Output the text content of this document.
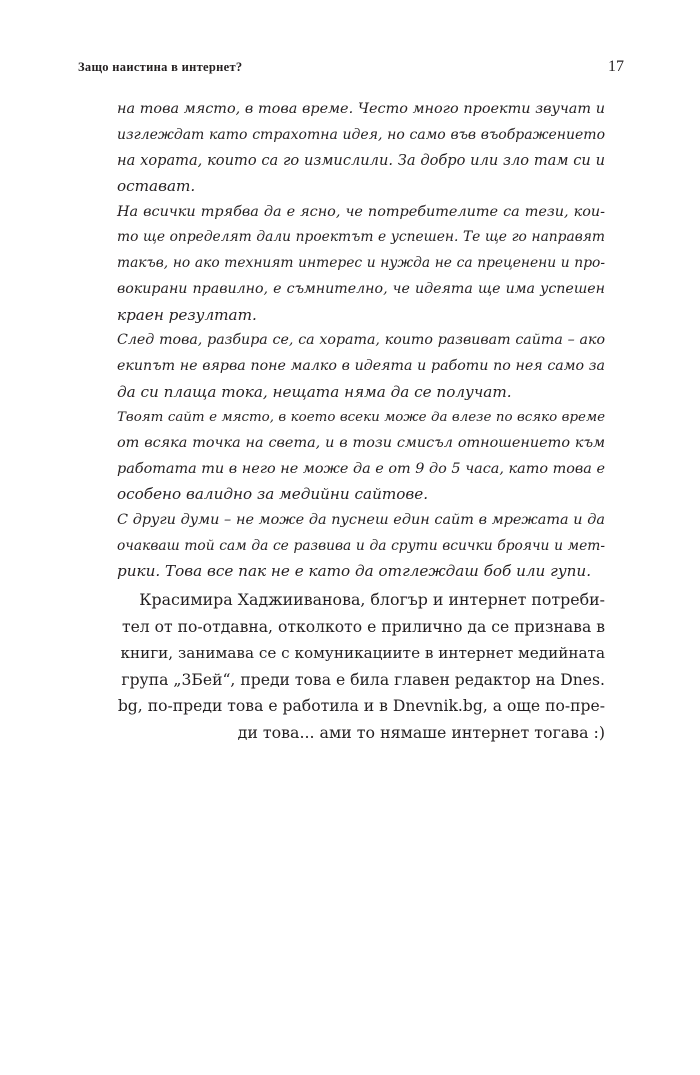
Защо наистина в интернет?	17
на това място, в това време. Често много проекти звучат и
изглеждат като страхотна идея, но само във въображението
на хората, които са го измислили. За добро или зло там си и
остават.
На всички трябва да е ясно, че потребителите са тези, кои-
то ще определят дали проектът е успешен. Те ще го направят
такъв, но ако техният интерес и нужда не са преценени и про-
вокирани правилно, е съмнително, че идеята ще има успешен
краен резултат.
След това, разбира се, са хората, които развиват сайта – ако
екипът не вярва поне малко в идеята и работи по нея само за
да си плаща тока, нещата няма да се получат.
Твоят сайт е място, в което всеки може да влезе по всяко време
от всяка точка на света, и в този смисъл отношението към
работата ти в него не може да е от 9 до 5 часа, като това е
особено валидно за медийни сайтове.
С други думи – не може да пуснеш един сайт в мрежата и да
очакваш той сам да се развива и да срути всички броячи и мет-
рики. Това все пак не е като да отглеждаш боб или гупи.
Красимира Хаджииванова, блогър и интернет потреби-
тел от по-отдавна, отколкото е прилично да се признава в
книги, занимава се с комуникациите в интернет медийната
група „3Бей“, преди това е била главен редактор на Dnes.
bg, по-преди това е работила и в Dnevnik.bg, а още по-пре-
ди това... ами то нямаше интернет тогава :)
